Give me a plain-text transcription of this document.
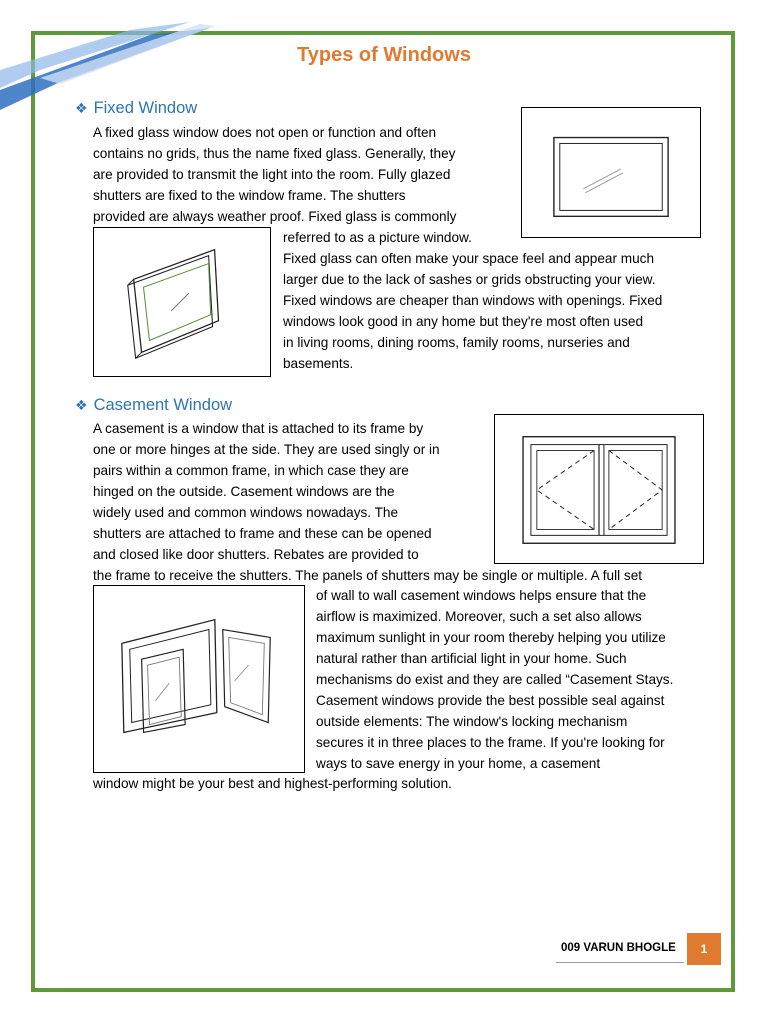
Types of Windows
❖ Fixed Window
A fixed glass window does not open or function and often
contains no grids, thus the name fixed glass. Generally, they
are provided to transmit the light into the room. Fully glazed
shutters are fixed to the window frame. The shutters
provided are always weather proof. Fixed glass is commonly
referred to as a picture window.
Fixed glass can often make your space feel and appear much
larger due to the lack of sashes or grids obstructing your view.
Fixed windows are cheaper than windows with openings. Fixed
windows look good in any home but they're most often used
in living rooms, dining rooms, family rooms, nurseries and
basements.
❖ Casement Window
A casement is a window that is attached to its frame by
one or more hinges at the side. They are used singly or in
pairs within a common frame, in which case they are
hinged on the outside. Casement windows are the
widely used and common windows nowadays. The
shutters are attached to frame and these can be opened
and closed like door shutters. Rebates are provided to
the frame to receive the shutters. The panels of shutters may be single or multiple. A full set
of wall to wall casement windows helps ensure that the
airflow is maximized. Moreover, such a set also allows
maximum sunlight in your room thereby helping you utilize
natural rather than artificial light in your home. Such
mechanisms do exist and they are called “Casement Stays.
Casement windows provide the best possible seal against
outside elements: The window's locking mechanism
secures it in three places to the frame. If you're looking for
ways to save energy in your home, a casement
window might be your best and highest-performing solution.
009 VARUN BHOGLE	1
